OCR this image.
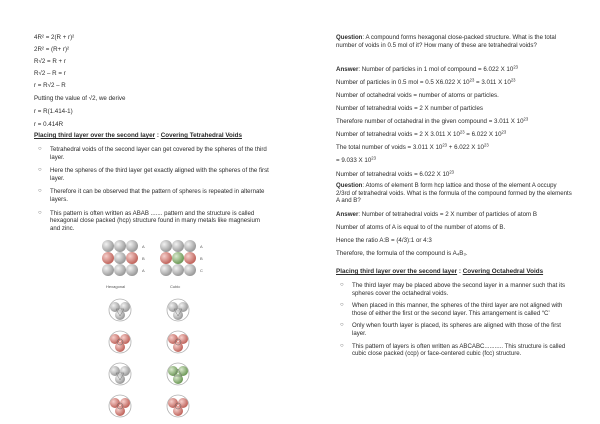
4R² = 2(R + r)²
2R² = (R+ r)²
R√2 = R + r
R√2 – R = r
r = R√2 – R
Putting the value of √2, we derive
r = R(1.414-1)
r = 0.414R
Placing third layer over the second layer : Covering Tetrahedral Voids
○ Tetrahedral voids of the second layer can get covered by the spheres of the third layer.
○ Here the spheres of the third layer get exactly aligned with the spheres of the first layer.
○ Therefore it can be observed that the pattern of spheres is repeated in alternate layers.
○ This pattern is often written as ABAB ....... pattern and the structure is called hexagonal close packed (hcp) structure found in many metals like magnesium and zinc.
A
B
A
A
B
C
Hexagonal	Cubic
Question: A compound forms hexagonal close-packed structure. What is the total number of voids in 0.5 mol of it? How many of these are tetrahedral voids?
Answer: Number of particles in 1 mol of compound = 6.022 X $10^{23}$
Number of particles in 0.5 mol = 0.5 X6.022 X $10^{23} = 3.011$ X $10^{23}$
Number of octahedral voids = number of atoms or particles.
Number of tetrahedral voids = 2 X number of particles
Therefore number of octahedral in the given compound = 3.011 X $10^{23}$
Number of tetrahedral voids = 2 X 3.011 X $10^{23} = 6.022$ X $10^{23}$
The total number of voids = 3.011 X $10^{23} + 6.022$ X $10^{23}$
= 9.033 X $10^{23}$
Number of tetrahedral voids = 6.022 X $10^{23}$
Question: Atoms of element B form hcp lattice and those of the element A occupy 2/3rd of tetrahedral voids. What is the formula of the compound formed by the elements A and B?
Answer: Number of tetrahedral voids = 2 X number of particles of atom B
Number of atoms of A is equal to of the number of atoms of B.
Hence the ratio A:B = (4/3):1 or 4:3
Therefore, the formula of the compound is A₄B₃.
Placing third layer over the second layer : Covering Octahedral Voids
○ The third layer may be placed above the second layer in a manner such that its spheres cover the octahedral voids.
○ When placed in this manner, the spheres of the third layer are not aligned with those of either the first or the second layer. This arrangement is called “C’
○ Only when fourth layer is placed, its spheres are aligned with those of the first layer.
○ This pattern of layers is often written as ABCABC........... This structure is called cubic close packed (ccp) or face-centered cubic (fcc) structure.
